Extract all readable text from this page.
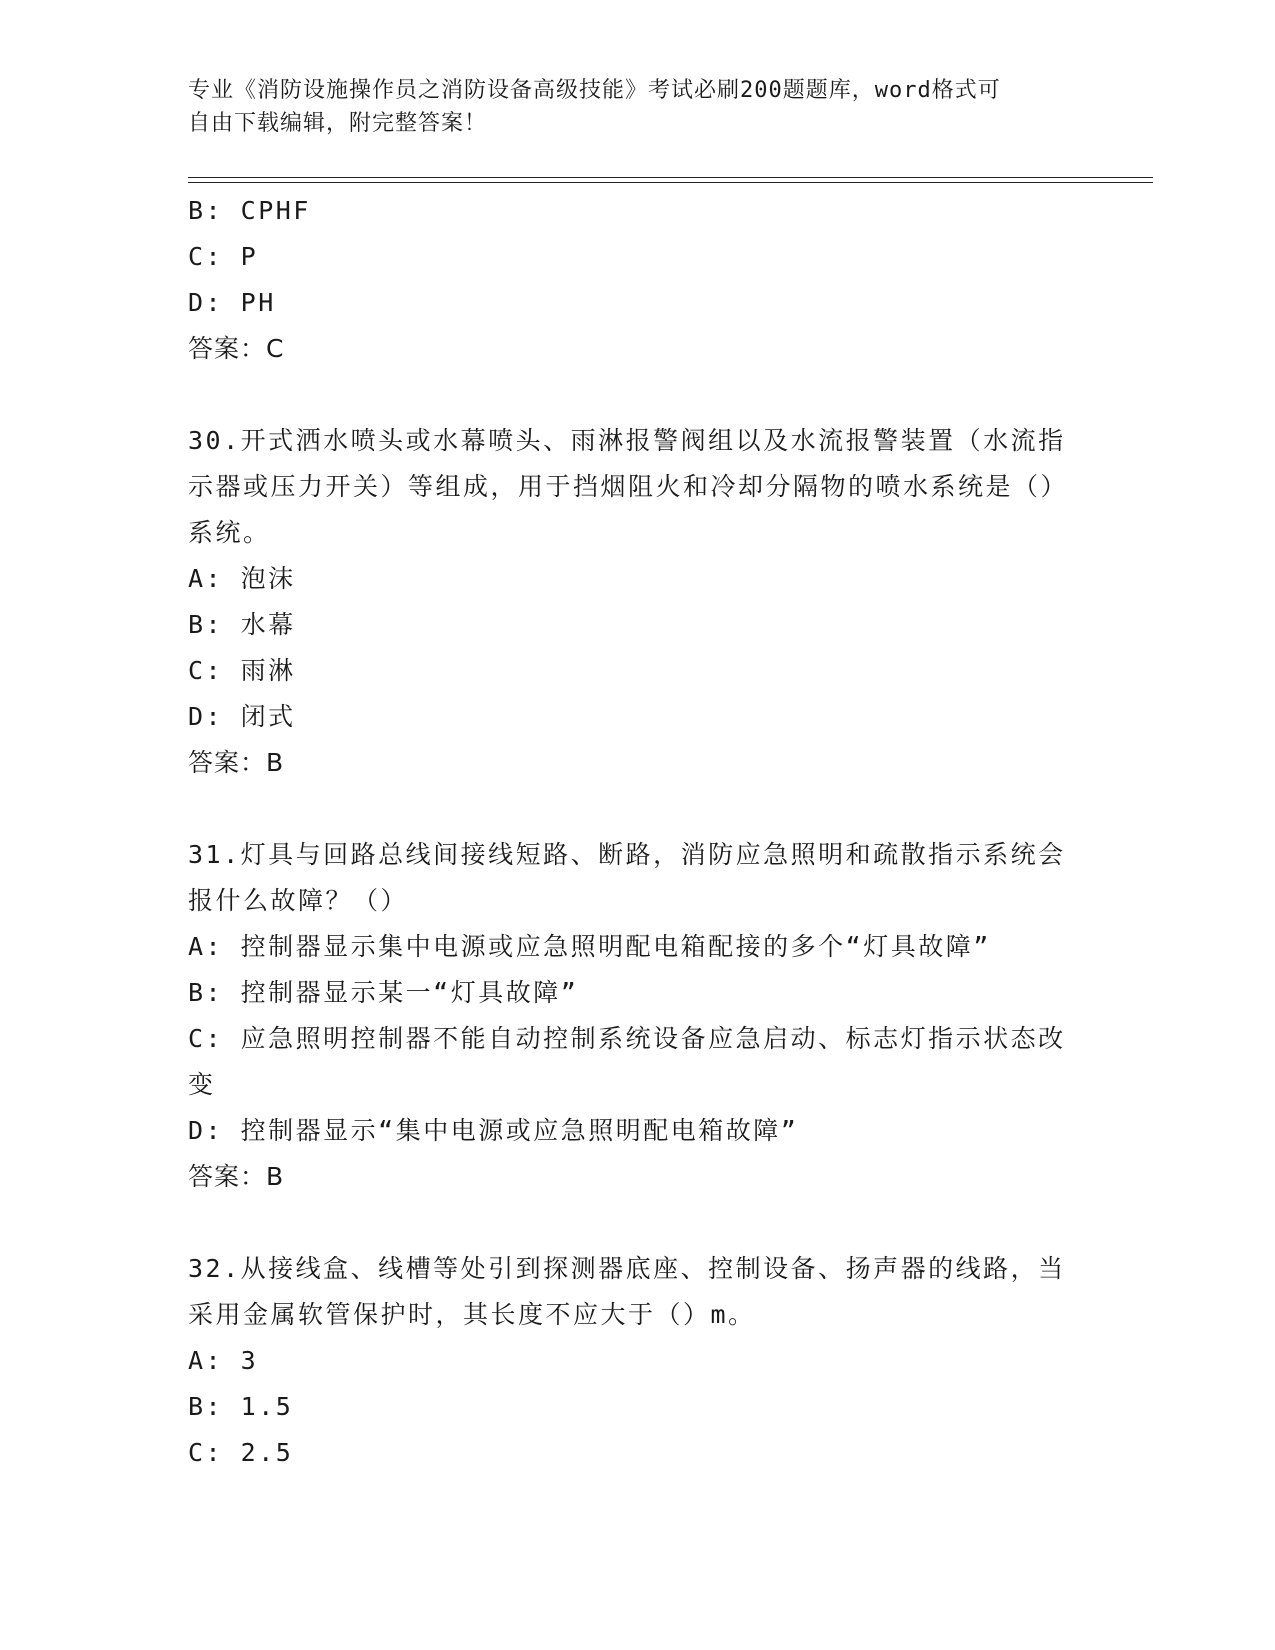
专业《消防设施操作员之消防设备高级技能》考试必刷200题题库，word格式可
自由下载编辑，附完整答案！

B: CPHF

C: P

D: PH

答案：C

30.开式洒水喷头或水幕喷头、雨淋报警阀组以及水流报警装置（水流指示器或压力开关）等组成，用于挡烟阻火和冷却分隔物的喷水系统是（）系统。

A: 泡沫

B: 水幕

C: 雨淋

D: 闭式

答案：B

31.灯具与回路总线间接线短路、断路，消防应急照明和疏散指示系统会报什么故障？（）

A: 控制器显示集中电源或应急照明配电箱配接的多个“灯具故障”

B: 控制器显示某一“灯具故障”

C: 应急照明控制器不能自动控制系统设备应急启动、标志灯指示状态改变

D: 控制器显示“集中电源或应急照明配电箱故障”

答案：B

32.从接线盒、线槽等处引到探测器底座、控制设备、扬声器的线路，当采用金属软管保护时，其长度不应大于（）m。

A: 3

B: 1.5

C: 2.5
